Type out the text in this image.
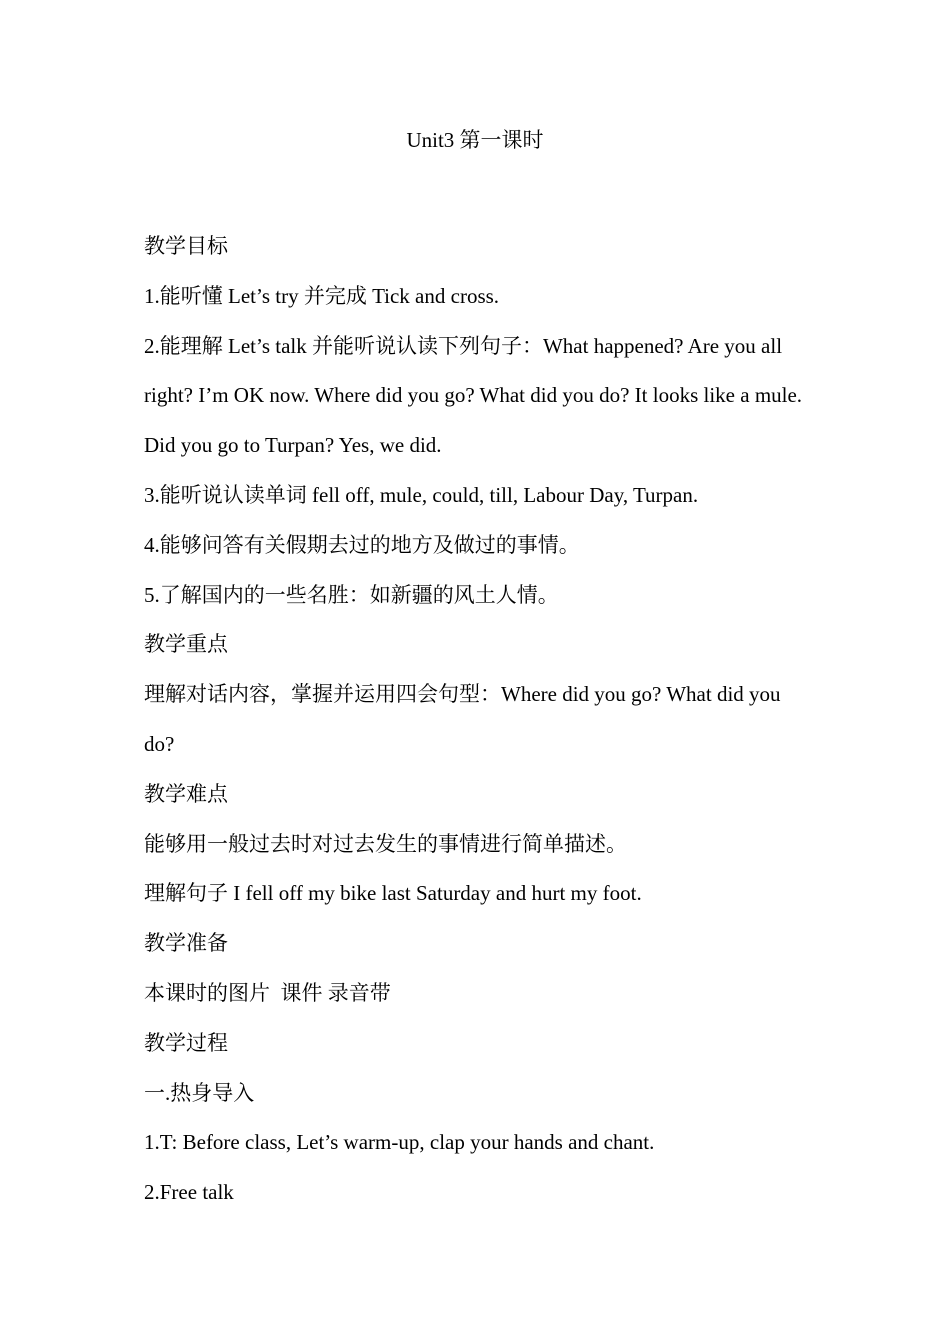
Unit3 第一课时

教学目标

1.能听懂 Let’s try 并完成 Tick and cross.

2.能理解 Let’s talk 并能听说认读下列句子：What happened? Are you all right? I’m OK now. Where did you go? What did you do? It looks like a mule. Did you go to Turpan? Yes, we did.

3.能听说认读单词 fell off, mule, could, till, Labour Day, Turpan.

4.能够问答有关假期去过的地方及做过的事情。

5.了解国内的一些名胜：如新疆的风土人情。

教学重点

理解对话内容，掌握并运用四会句型：Where did you go? What did you do?

教学难点

能够用一般过去时对过去发生的事情进行简单描述。

理解句子 I fell off my bike last Saturday and hurt my foot.

教学准备

本课时的图片  课件 录音带

教学过程

一.热身导入

1.T: Before class, Let’s warm-up, clap your hands and chant.

2.Free talk
